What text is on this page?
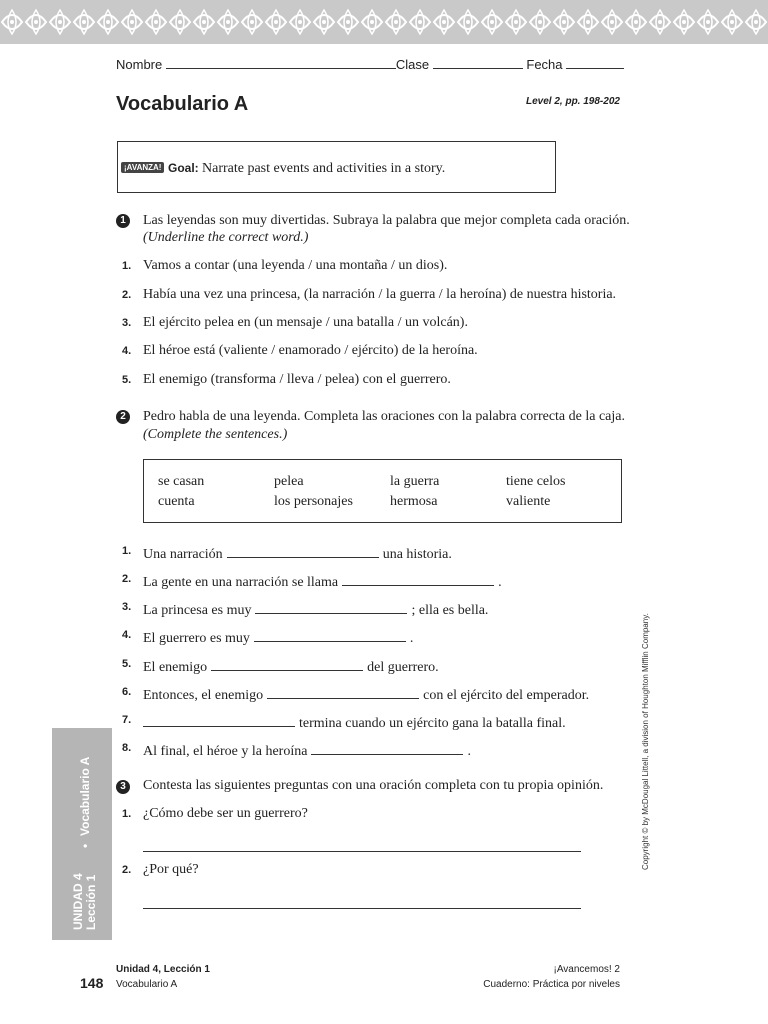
Nombre	Clase	Fecha
Vocabulario A	Level 2, pp. 198-202
¡AVANZA! Goal: Narrate past events and activities in a story.
1	Las leyendas son muy divertidas. Subraya la palabra que mejor completa cada oración.
(Underline the correct word.)
1. Vamos a contar (una leyenda / una montaña / un dios).
2. Había una vez una princesa, (la narración / la guerra / la heroína) de nuestra historia.
3. El ejército pelea en (un mensaje / una batalla / un volcán).
4. El héroe está (valiente / enamorado / ejército) de la heroína.
5. El enemigo (transforma / lleva / pelea) con el guerrero.
2	Pedro habla de una leyenda. Completa las oraciones con la palabra correcta de la caja.
(Complete the sentences.)
se casan	pelea	la guerra	tiene celos
cuenta	los personajes	hermosa	valiente
1. Una narración	una historia.
2. La gente en una narración se llama	.
3. La princesa es muy	; ella es bella.
4. El guerrero es muy	.
5. El enemigo	del guerrero.
6. Entonces, el enemigo	con el ejército del emperador.
7.	termina cuando un ejército gana la batalla final.
8. Al final, el héroe y la heroína	.
3	Contesta las siguientes preguntas con una oración completa con tu propia opinión.
1. ¿Cómo debe ser un guerrero?
2. ¿Por qué?
UNIDAD 4 Lección 1
•
Vocabulario A	Copyright © by McDougal Littell, a division of Houghton Mifflin Company.
148
Unidad 4, Lección 1
Vocabulario A
¡Avancemos! 2
Cuaderno: Práctica por niveles
